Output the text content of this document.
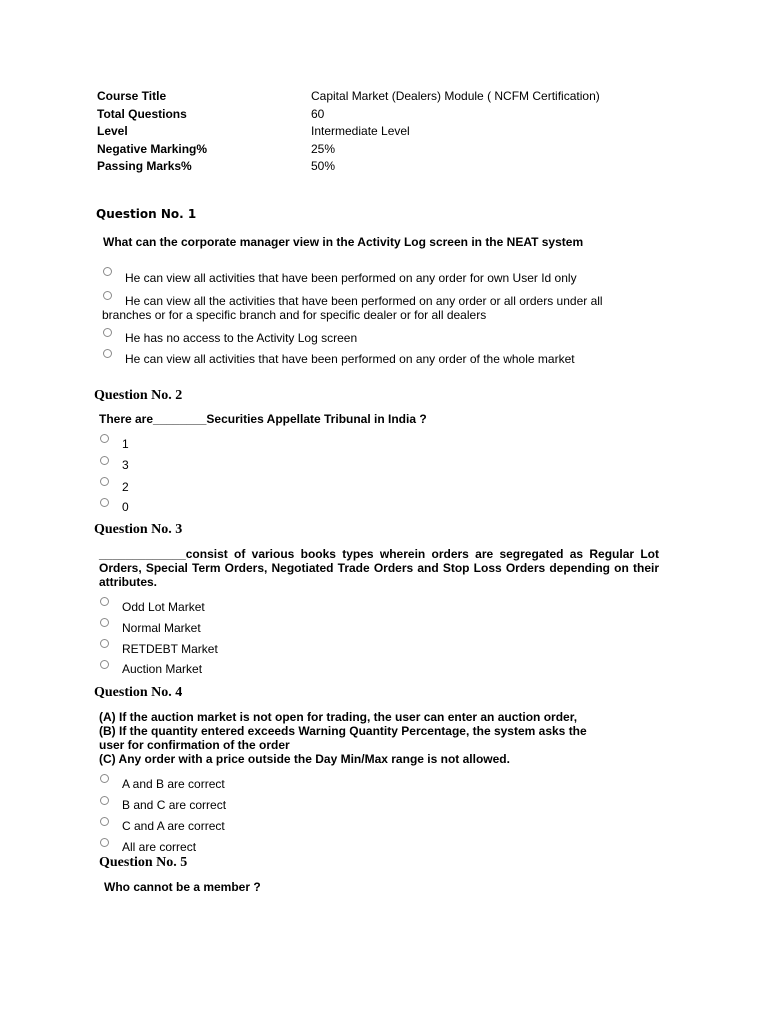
Course Title	Capital Market (Dealers) Module ( NCFM Certification)
Total Questions	60
Level	Intermediate Level
Negative Marking%	25%
Passing Marks%	50%
Question No. 1
What can the corporate manager view in the Activity Log screen in the NEAT system
He can view all activities that have been performed on any order for own User Id only
He can view all the activities that have been performed on any order or all orders under all
branches or for a specific branch and for specific dealer or for all dealers
He has no access to the Activity Log screen
He can view all activities that have been performed on any order of the whole market
Question No. 2
There are________Securities Appellate Tribunal in India ?
1
3
2
0
Question No. 3
_____________consist of various books types wherein orders are segregated as Regular Lot Orders, Special Term Orders, Negotiated Trade Orders and Stop Loss Orders depending on their attributes.
Odd Lot Market
Normal Market
RETDEBT Market
Auction Market
Question No. 4
(A) If the auction market is not open for trading, the user can enter an auction order,
(B) If the quantity entered exceeds Warning Quantity Percentage, the system asks the
user for confirmation of the order
(C) Any order with a price outside the Day Min/Max range is not allowed.
A and B are correct
B and C are correct
C and A are correct
All are correct
Question No. 5
Who cannot be a member ?
